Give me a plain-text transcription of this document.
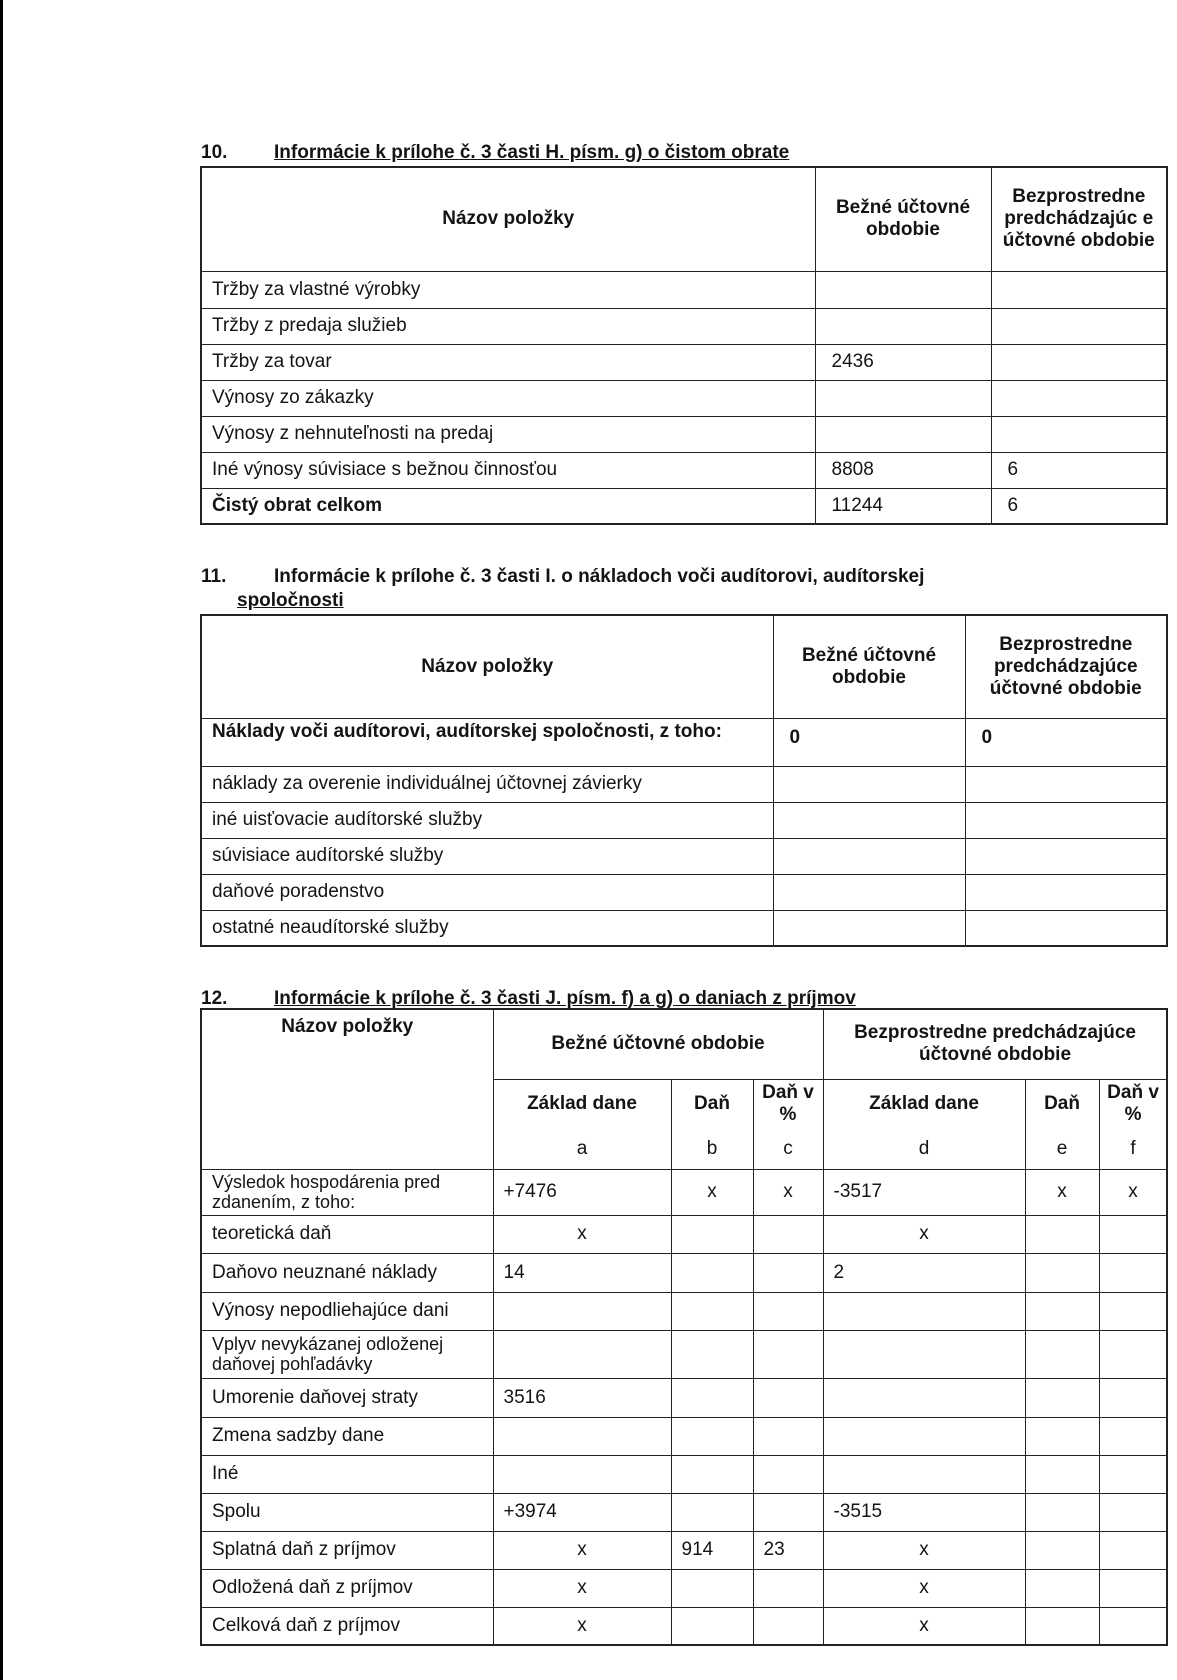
10. Informácie k prílohe č. 3 časti H. písm. g) o čistom obrate
Názov položky	Bežné účtovné obdobie	Bezprostredne predchádzajúc e účtovné obdobie
Tržby za vlastné výrobky		
Tržby z predaja služieb		
Tržby za tovar	2436	
Výnosy zo zákazky		
Výnosy z nehnuteľnosti na predaj		
Iné výnosy súvisiace s bežnou činnosťou	8808	6
Čistý obrat celkom	11244	6
11.	Informácie k prílohe č. 3 časti I. o nákladoch voči audítorovi, audítorskej
spoločnosti
Názov položky	Bežné účtovné obdobie	Bezprostredne predchádzajúce účtovné obdobie
Náklady voči audítorovi, audítorskej spoločnosti, z toho:	0	0
náklady za overenie individuálnej účtovnej závierky		
iné uisťovacie audítorské služby		
súvisiace audítorské služby		
daňové poradenstvo		
ostatné neaudítorské služby		
12. Informácie k prílohe č. 3 časti J. písm. f) a g) o daniach z príjmov
Názov položky	Bežné účtovné obdobie			Bezprostredne predchádzajúce účtovné obdobie			
	Základ dane	Daň	Daň v %	Základ dane	Daň	Daň v %	
	a	b	c	d	e	f	
Výsledok hospodárenia pred zdanením, z toho:	+7476	x	x	-3517	x	x	
teoretická daň	x			x			
Daňovo neuznané náklady	14			2			
Výnosy nepodliehajúce dani							
Vplyv nevykázanej odloženej daňovej pohľadávky							
Umorenie daňovej straty	3516						
Zmena sadzby dane							
Iné							
Spolu	+3974			-3515			
Splatná daň z príjmov	x	914	23	x			
Odložená daň z príjmov	x			x			
Celková daň z príjmov	x			x			
